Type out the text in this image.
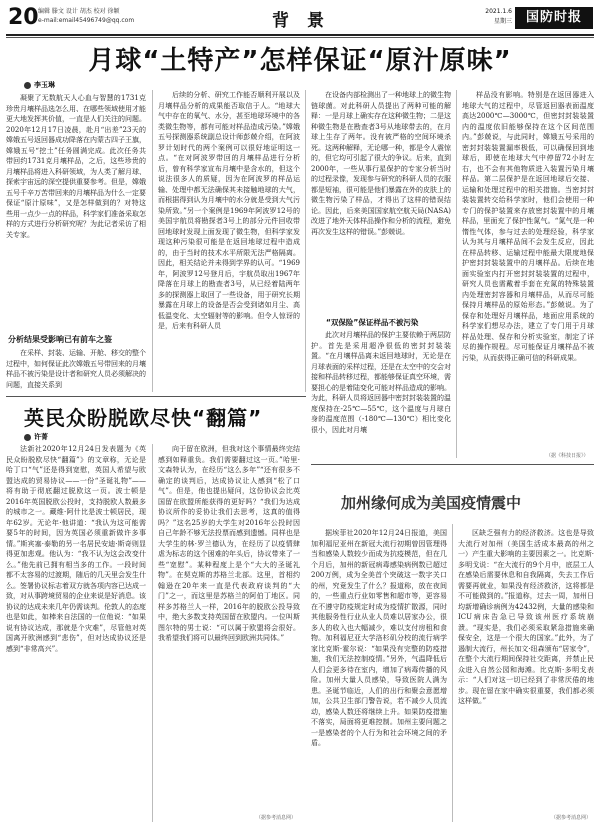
20 编辑 滕文 设计 胡杰 校对 徐颖
e-mail:email45496749@qq.com	背 景	2021.1.6
星期三	国防时报
月球“土特产”怎样保证“原汁原味”
李玉琳

凝聚了无数航天人心血与智慧的1731克珍贵月壤样品选怎么用、在哪些领域使用才能更大地发挥其价值，一直是人们关注的问题。 2020年12月17日凌晨，赴月“出差”23天的嫦娥五号返回器成功降落在内蒙古四子王旗，嫦娥五号“挖土”任务圆满完成。此次任务共带回约1731克月壤样品，之后，这些珍贵的月壤样品将进入科研领域，为人类了解月球、探索宇宙远的深空提供重要参考。但是，嫦娥五号千辛万苦带回来的月壤样品为什么一定要保证“原汁原味”，又是怎样做到的？对特这些用一点少一点的样品，科学家们准备采取怎样的方式进行分析研究呢？为此记者采访了相关专家。

分析结果受影响已有前车之鉴

在采样、封装、运输、开舱、移交的整个过程中，如何保证此次嫦娥五号带回来的月壤样品不被污染是设计者和研究人员必须解决的问题，直接关系到

后续的分析、研究工作能否顺利开展以及月壤样品分析的成果能否取信于人。“地球大气中存在的氧气、水分，甚至地球环境中的各类微生物等，都有可能对样品造成污染。”嫦娥五号探测器系统副总设计师彭兢介绍，在阿波罗计划时代的两个案例可以很好地证明这一点。“在对阿波罗带回的月壤样品进行分析后，曾有科学家宣布月壤中是含水的，但这个说法很多人的质疑，因为在阿波罗的样品运输、处理中都无法确保其未接触地球的大气，而根据得到认为月壤中的水分就是受到大气污染所致。”另一个案例是1969年阿波罗12号的美国宇航员将勘探者3号上的部分元件回收带回地球时发现上面发现了微生物，但科学家发现这种污染很可能是在返回地球过程中造成的，由于当时的技术水平所限无法严格隔离。因此，相关结论并未得到学界的认可。“1969年，阿波罗12号登月后，宇航员取出1967年降落在月球上的勘查者3号，从已经着陆两年多的探测器上取回了一些设备，用于研究长期暴露在月球上的设备是否会受到诸如月尘、高低温变化、太空辐射等的影响。但令人惊讶的是，后来有科研人员

在设备内部检测出了一种地球上的微生物链球菌。对此科研人员提出了两种可能的解释：一是月球上确实存在这种微生物；二是这种微生物是在勘查者3号从地球带去的，在月球上生存了两年。没有被严格的空间环境杀死。这两种解释，无论哪一种，都是令人震惊的，但它均可引起了很大的争议。后来，直到2000年，一些从事行星保护的专家分析当时的过程录像，发现参与研究的科研人员的衣服都是短袖，很可能是他们暴露在外的皮肤上的微生物污染了样品，才得出了这样的错误结论。因此，后来美国国家航空航天局(NASA)改进了地外天体样品操作和分析的流程，避免再次发生这样的错误。”彭兢说。

“双保险”保证样品不被污染

此次对月壤样品的保护主要依赖于两层防护。首先是采用超净很低的密封封装装置。“在月壤样品离未返回地球时，无论是在月球表面的采样过程，还是在太空中的交会对接和样品转移过程，都能够保证真空环境，需要担心的是着陆变化可能对样品造成的影响。为此，科研人员将返回器中密封封装装置的温度保持在-25℃—55℃，这个温度与月球白身的温度范围（-180℃—130℃）相比变化很小，因此对月壤

样品没有影响。特别是在返回器进入地球大气的过程中，尽管返回器表面温度高达2000℃—3000℃，但密封封装装置内的温度依旧能够保持在这个区间范围内。”彭兢说，与此同时，嫦娥五号采用的密封封装装置漏率极低，可以确保回到地球后，即使在地球大气中停留72小时左右，也不会有其他物质进入装置污染月壤样品。第二层保护是在返回地球后交接、运输和处理过程中的相关措施。当密封封装装置转交给科学家时，他们会使用一种专门的保护装置来存放密封装置中的月壤样品，里面充了保护性氮气。“氮气是一种惰性气体，参与过去的处理经验，科学家认为其与月壤样品间不会发生反应，因此在样品转移、运输过程中能最大限度地保护密封封装装置中的月壤样品。后续在地面实验室内打开密封封装装置的过程中，研究人员也需戴着手套在充氮的特殊装置内处理密封容器和月壤样品，从而尽可能保持月壤样品的原始形态。”彭兢说。为了保存和处理好月壤样品，地面应用系统的科学家们想尽办法，建立了专门用于月球样品处理、保存和分析实验室，制定了详尽的操作规程。尽可能保证月壤样品不被污染，从而获得正确可信的科研成果。

（据《科技日报》）
英民众盼脱欧尽快“翻篇”
许菁

法新社2020年12月24日发表题为《英民众盼脱欧尽快“翻篇”》的文章称，无论是哈丁口“气”还是得到宽慰，英国人希望与欧盟达成的贸易协议——一份“圣诞礼物”——将有助于彻底翻过脱欧这一页。波士顿是2016年英国脱欧公投时，支持脱欧人数最多的城市之一。藏维·阿什比是波士顿居民，现年62岁。无论年·他讲道：“我认为这可能需要5年的时间，因为英国必须重新做许多事情。”斯宾塞·泰勒的另一名居民安迪·斯奇则显得更加悲观。他认为：“我不认为这会改变什么。”他先前已拥有相当多的工作。一段时间都不太容易的过渡期，随后的几天里会发生什么。签署协议标志着双方就各项内容已达成一致，对从事跨境贸易的企业来说是好消息。该协议的达成未来几年仍需谈判。伦敦人的态度也是如此，如棒来自法国的一位他说：“如果说有协议达成，那就是个灾难”，尽管他对英国离开欧洲感到“悲伤”，但对达成协议还是感到“非常高兴”。

向于留在欧洲，但我对这个事情最终完结感到如释重负。我们需要翻过这一页。”哈里·文森特认为，在经历“这么多年”“还有很多不确定的谈判后，达成协议让人感到“松了口气”。但是，他也提出疑问，这份协议会比英国留在欧盟所能获得的更好吗？“我们为达成协议所作的妥协让我们去思考，这真的值得吗？”这名25岁的大学生对2016年公投时因自己年龄不够无法投票而感到遗憾。同样也是大学生的林·罗兰德认为，在经历了以疫情肆虐为标志的这个困难的年头后，协议带来了一些“宽慰”。某种程度上是个“大大的圣诞礼物”。在契克斯的苏格兰北部。这里，首相约翰逊在20年来一直是代表政府谈判的“大门”之一，而这里是苏格兰的阿伯丁地区。同样多苏格兰人一样，2016年的脱欧公投导致中，绝大多数支持英国留在欧盟内。一位叫斯图尔特的男士说：“可以属于欧盟将会很好。我希望我们将可以最终回到欧洲共同体。”

（据参考消息网）
加州缘何成为美国疫情震中

据埃菲社2020年12月24日报道，美国加利福尼亚州在新冠大流行初期曾因管理得当和感染人数较少而成为抗疫模范，但在几个月后，加州的新冠病毒感染病例数已超过200万例，成为全美首个突破这一数字关口的州，究竟发生了什么？报道称，放在夜间的，一些重点行业如零售和超市等，更容易在不遵守防疫规定时成为疫情扩散源，同时其他服务性行业从业人员难以居家办公，很多人的收入也大幅减少，难以支付房租和食物。加利福尼亚大学洛杉矶分校的流行病学家比克斯·霍尔说：“如果没有完整的防疫措施，我们无法控制疫情。”另外，气温降低后人们会更多待在室内，增加了病毒传播的风险。加州大量人员感染，导致医院人满为患。圣诞节临近，人们的出行和聚会意愿增加，公共卫生部门警告说，若不减少人员流动，感染人数还将继续上升。如果防疫措施不落实，局面将更难控制。加州主要问题之一是感染者的个人行为和社会环境之间的矛盾。

区缺乏强有力的经济救济。这也是导致大流行对加州（美国生活成本最高的州之一）产生重大影响的主要因素之一。比克斯·多明戈说：“在大流行的9个月中，底层工人在感染后需要休息和自我隔离，失去工作后需要再就业，如果没有经济救济，这将都是不可能做到的。”报道称，过去一周，加州日均新增确诊病例为42432例，大量的感染和ICU病床告急已导致该州医疗系统崩溃。“现实是，我们必须采取紧急措施来确保安全，这是一个很大的国家。”此外，为了遏制大流行，州长加文·纽森颁布“居家令”，在整个大流行期间保持社交距离，并禁止民众进入自然公园和海滩。比克斯·多明戈表示：“人们对这一切已经到了非常厌倦的地步。现在留在家中确实很重要，我们都必须这样做。”

（据参考消息网）
